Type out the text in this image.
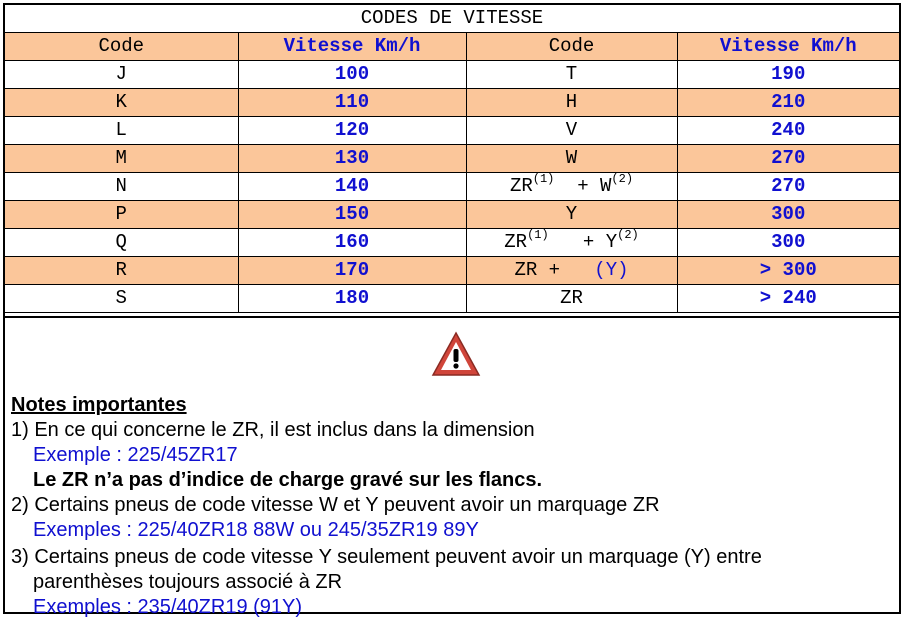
CODES DE VITESSE			
Code	Vitesse Km/h	Code	Vitesse Km/h
J	100	T	190
K	110	H	210
L	120	V	240
M	130	W	270
N	140	$ZR^{(1)} + W^{(2)}$	270
P	150	Y	300
Q	160	$ZR^{(1)} + Y^{(2)}$	300
R	170	ZR + (Y)	> 300
S	180	ZR	> 240
Notes importantes
1) En ce qui concerne le ZR, il est inclus dans la dimension
Exemple : 225/45ZR17
Le ZR n’a pas d’indice de charge gravé sur les flancs.
2) Certains pneus de code vitesse W et Y peuvent avoir un marquage ZR
Exemples : 225/40ZR18 88W ou 245/35ZR19 89Y
3) Certains pneus de code vitesse Y seulement peuvent avoir un marquage (Y) entre
parenthèses toujours associé à ZR
Exemples : 235/40ZR19 (91Y)
